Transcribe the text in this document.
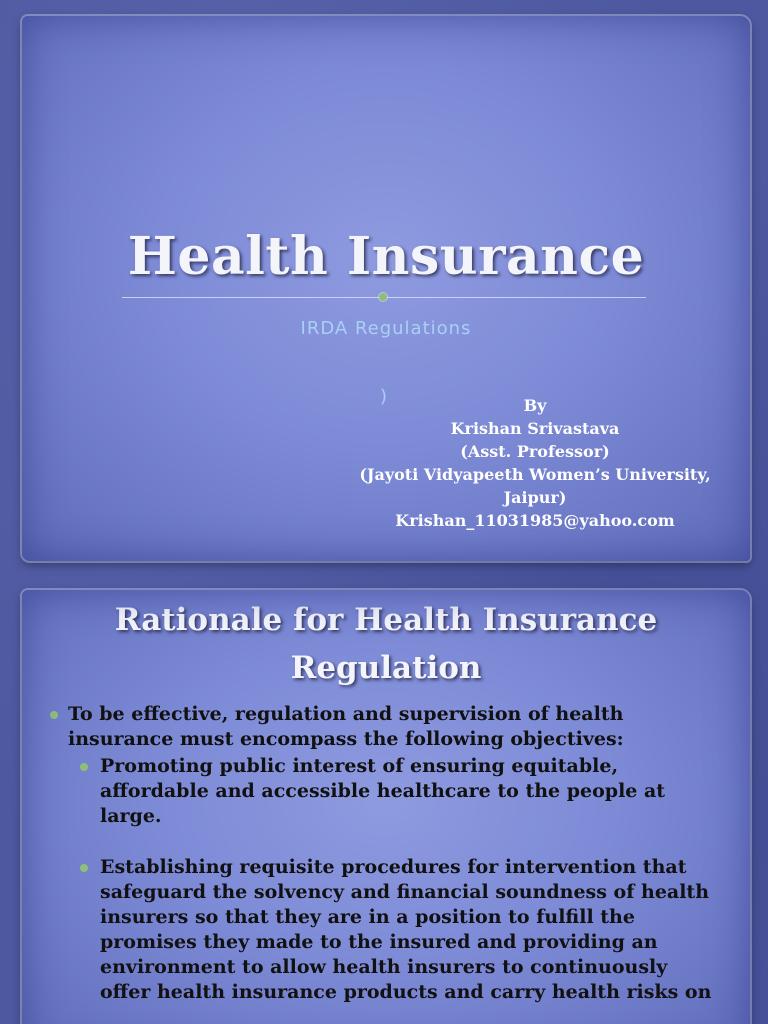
Health Insurance
IRDA Regulations
)	By
Krishan Srivastava
(Asst. Professor)
(Jayoti Vidyapeeth Women’s University,
Jaipur)
Krishan_11031985@yahoo.com
Rationale for Health Insurance
Regulation
To be effective, regulation and supervision of health insurance must encompass the following objectives:
Promoting public interest of ensuring equitable, affordable and accessible healthcare to the people at large.
Establishing requisite procedures for intervention that safeguard the solvency and financial soundness of health insurers so that they are in a position to fulfill the promises they made to the insured and providing an environment to allow health insurers to continuously offer health insurance products and carry health risks on
